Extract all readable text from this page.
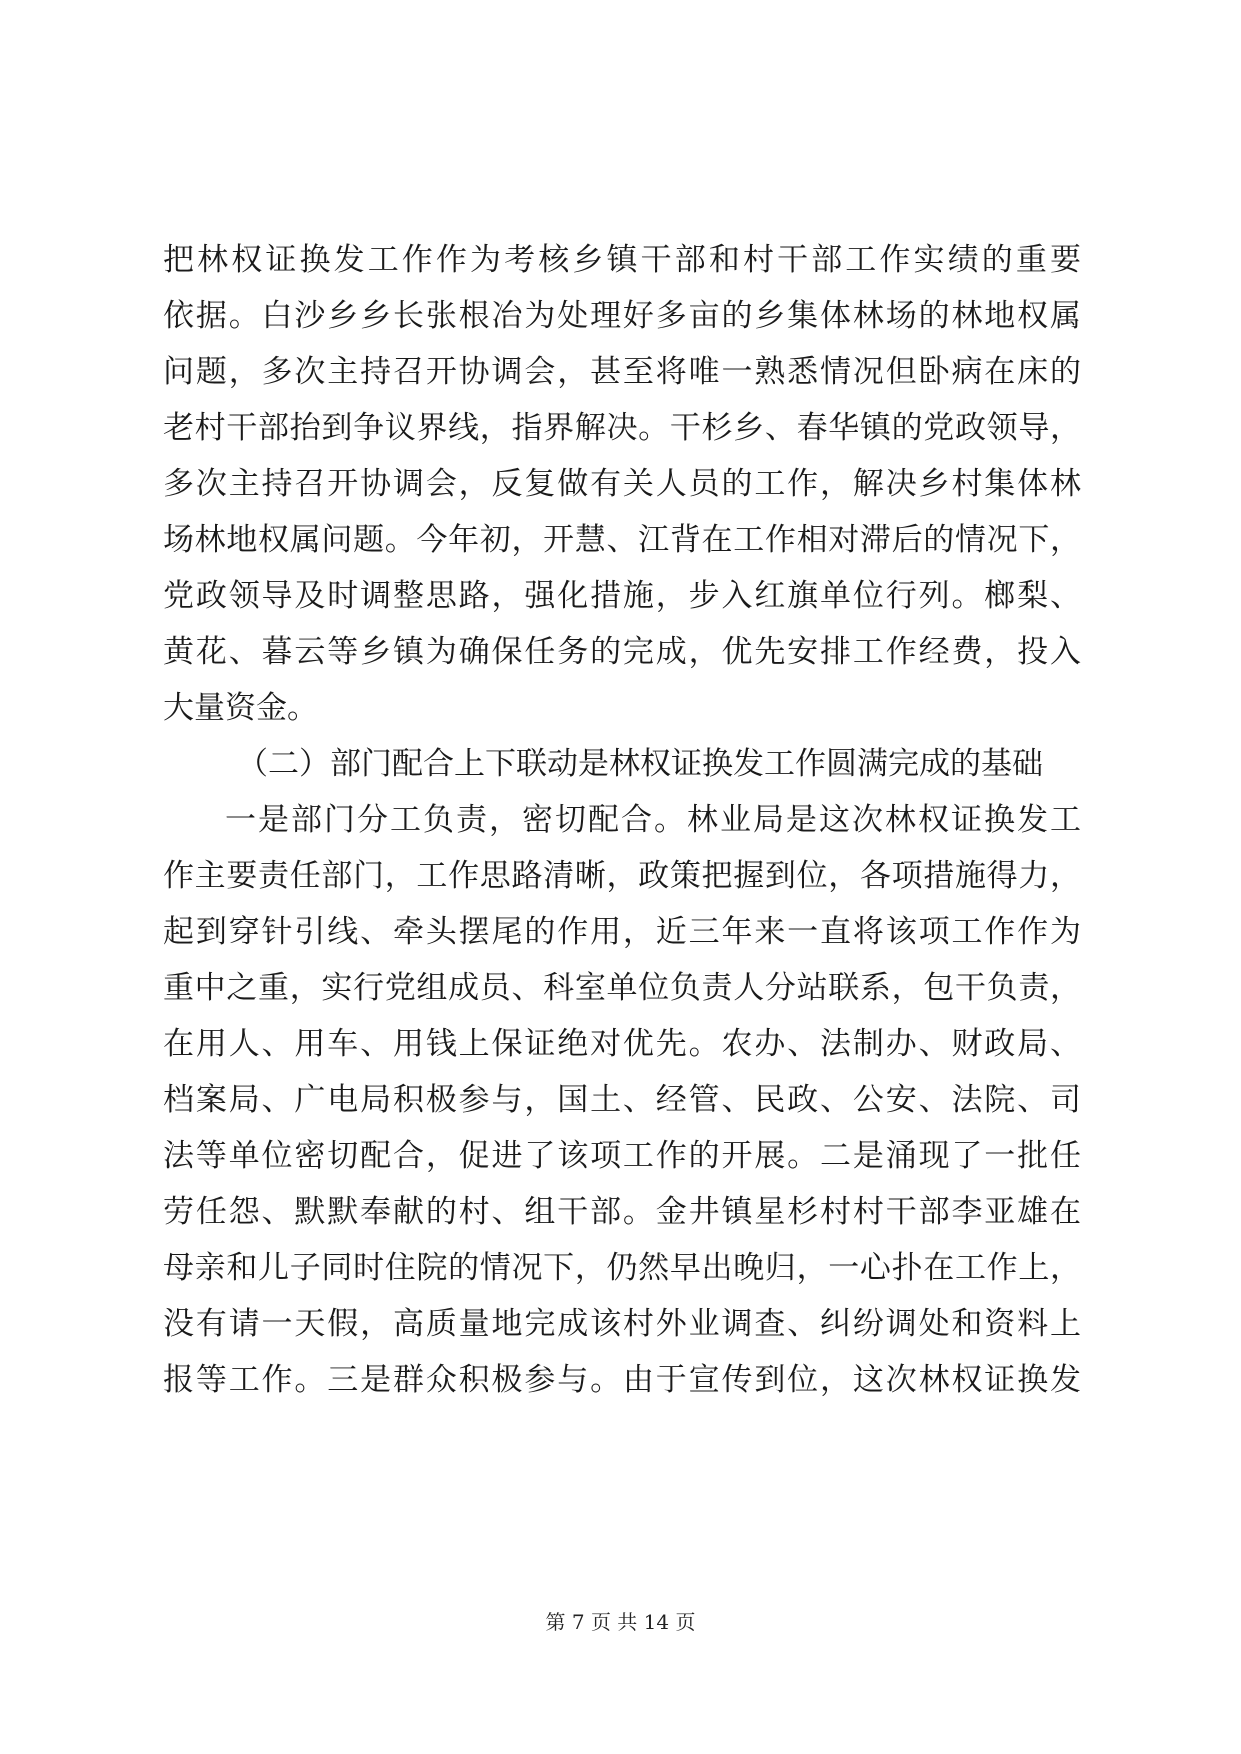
把林权证换发工作作为考核乡镇干部和村干部工作实绩的重要
依据。白沙乡乡长张根冶为处理好多亩的乡集体林场的林地权属
问题，多次主持召开协调会，甚至将唯一熟悉情况但卧病在床的
老村干部抬到争议界线，指界解决。干杉乡、春华镇的党政领导，
多次主持召开协调会，反复做有关人员的工作，解决乡村集体林
场林地权属问题。今年初，开慧、江背在工作相对滞后的情况下，
党政领导及时调整思路，强化措施，步入红旗单位行列。榔梨、
黄花、暮云等乡镇为确保任务的完成，优先安排工作经费，投入
大量资金。
（二）部门配合上下联动是林权证换发工作圆满完成的基础
一是部门分工负责，密切配合。林业局是这次林权证换发工
作主要责任部门，工作思路清晰，政策把握到位，各项措施得力，
起到穿针引线、牵头摆尾的作用，近三年来一直将该项工作作为
重中之重，实行党组成员、科室单位负责人分站联系，包干负责，
在用人、用车、用钱上保证绝对优先。农办、法制办、财政局、
档案局、广电局积极参与，国土、经管、民政、公安、法院、司
法等单位密切配合，促进了该项工作的开展。二是涌现了一批任
劳任怨、默默奉献的村、组干部。金井镇星杉村村干部李亚雄在
母亲和儿子同时住院的情况下，仍然早出晚归，一心扑在工作上，
没有请一天假，高质量地完成该村外业调查、纠纷调处和资料上
报等工作。三是群众积极参与。由于宣传到位，这次林权证换发
第 7 页 共 14 页
